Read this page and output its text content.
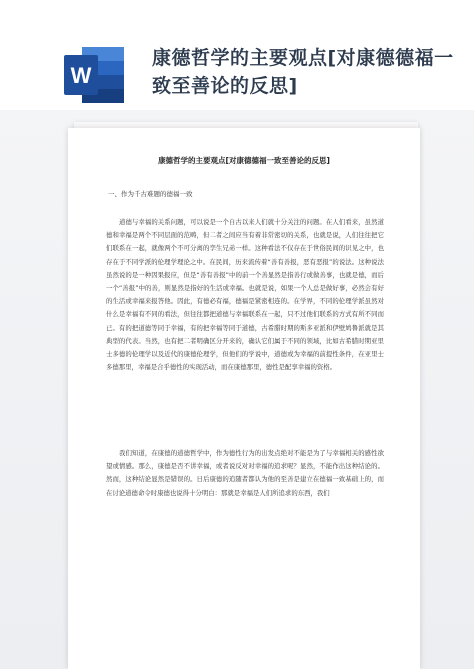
W
康德哲学的主要观点[对康德德福一致至善论的反思]
康德哲学的主要观点[对康德德福一致至善论的反思]
一、作为千古难题的德福一致

道德与幸福的关系问题，可以说是一个自古以来人们就十分关注的问题。在人们看来，虽然道德和幸福是两个不同层面的范畴，但二者之间应当有着非常密切的关系，也就是说，人们往往把它们联系在一起，就像两个不可分离的孪生兄弟一样。这种看法不仅存在于世俗民间的识见之中，也存在于不同学派的伦理学理论之中。在民间，历来流传着“善有善报，恶有恶报”的说法。这种说法虽然说的是一种因果报应，但是“善有善报”中的前一个善显然是指善行或做善事，也就是德，而后一个“善报”中的善，则显然是指好的生活或幸福。也就是说，如果一个人总是做好事，必然会有好的生活或幸福来报答他。因此，有德必有福，德福是紧密相连的。在学界，不同的伦理学派虽然对什么是幸福有不同的看法，但往往都把道德与幸福联系在一起，只不过他们联系的方式有所不同而已。有的把道德等同于幸福，有的把幸福等同于道德，古希腊时期的斯多亚派和伊壁鸠鲁派就是其典型的代表。当然，也有把二者明确区分开来的，确认它们属于不同的领域，比如古希腊时期亚里士多德的伦理学以及近代的康德伦理学，但他们的学说中，道德或为幸福的前提性条件，在亚里士多德那里，幸福是合乎德性的实现活动，而在康德那里，德性是配享幸福的资格。

我们知道，在康德的道德哲学中，作为德性行为的出发点绝对不能是为了与幸福相关的感性欲望或情感。那么，康德是否不讲幸福，或者说反对对幸福的追求呢？显然，不能作出这种结论的。然而，这种结论显然是错误的。日后康德的追随者都认为他的至善是建立在德福一致基础上的，而在讨论道德命令时康德也说得十分明白：那就是幸福是人们所追求的东西，我们
